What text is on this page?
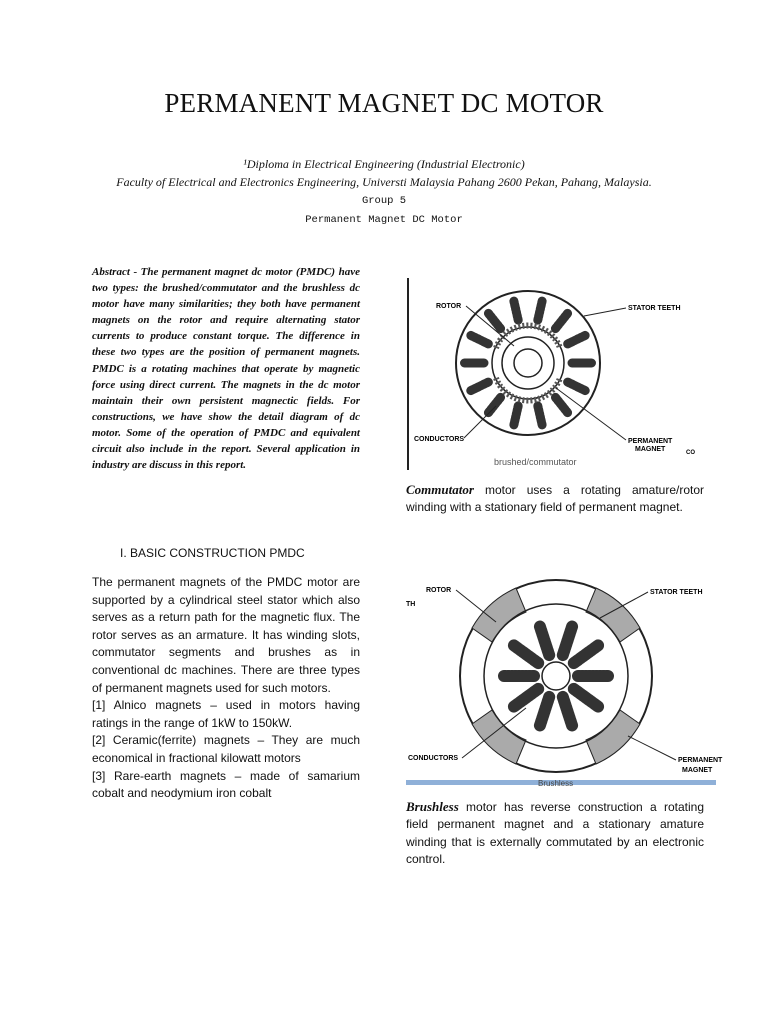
PERMANENT MAGNET DC MOTOR
¹Diploma in Electrical Engineering (Industrial Electronic)
Faculty of Electrical and Electronics Engineering, Universti Malaysia Pahang 2600 Pekan, Pahang, Malaysia.
Group 5
Permanent Magnet DC Motor
Abstract - The permanent magnet dc motor (PMDC) have two types: the brushed/commutator and the brushless dc motor have many similarities; they both have permanent magnets on the rotor and require alternating stator currents to produce constant torque. The difference in these two types are the position of permanent magnets. PMDC is a rotating machines that operate by magnetic force using direct current. The magnets in the dc motor maintain their own persistent magnectic fields. For constructions, we have show the detail diagram of dc motor. Some of the operation of PMDC and equivalent circuit also include in the report. Several application in industry are discuss in this report.
I. BASIC CONSTRUCTION PMDC

The permanent magnets of the PMDC motor are supported by a cylindrical steel stator which also serves as a return path for the magnetic flux. The rotor serves as an armature. It has winding slots, commutator segments and brushes as in conventional dc machines. There are three types of permanent magnets used for such motors.

[1] Alnico magnets – used in motors having ratings in the range of 1kW to 150kW.

[2] Ceramic(ferrite) magnets – They are much economical in fractional kilowatt motors

[3] Rare-earth magnets – made of samarium cobalt and neodymium iron cobalt

ROTOR	STATOR TEETH
CONDUCTORS	PERMANENT
MAGNET	CO
brushed/commutator
Commutator motor uses a rotating amature/rotor winding with a stationary field of permanent magnet.
ROTOR
TH
STATOR TEETH
CONDUCTORS	PERMANENT
MAGNET
Brushless
Brushless motor has reverse construction a rotating field permanent magnet and a stationary amature winding that is externally commutated by an electronic control.
